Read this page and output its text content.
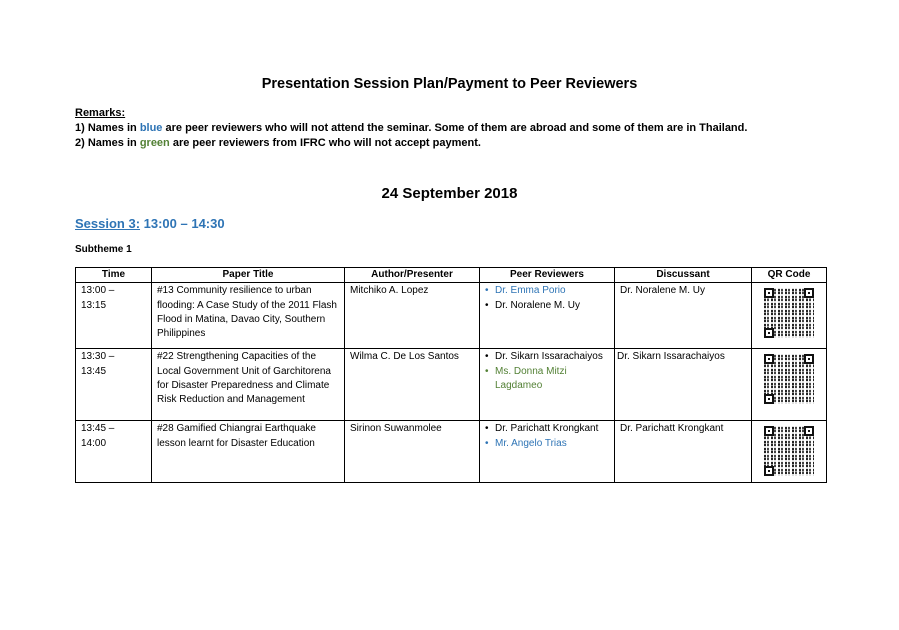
Presentation Session Plan/Payment to Peer Reviewers
Remarks:
1) Names in blue are peer reviewers who will not attend the seminar. Some of them are abroad and some of them are in Thailand.
2) Names in green are peer reviewers from IFRC who will not accept payment.
24 September 2018
Session 3: 13:00 – 14:30
Subtheme 1
Time	Paper Title	Author/Presenter	Peer Reviewers	Discussant	QR Code

13:00 –
13:15
	#13 Community resilience to urban flooding: A Case Study of the 2011 Flash Flood in Matina, Davao City, Southern Philippines	Mitchiko A. Lopez	
•Dr. Emma Porio
• Dr. Noralene M. Uy
	Dr. Noralene M. Uy	

13:30 –
13:45
	#22 Strengthening Capacities of the Local Government Unit of Garchitorena for Disaster Preparedness and Climate Risk Reduction and Management	Wilma C. De Los Santos	
•Dr. Sikarn Issarachaiyos
• Ms. Donna Mitzi Lagdameo
	Dr. Sikarn Issarachaiyos	

13:45 –
14:00
	#28 Gamified Chiangrai Earthquake lesson learnt for Disaster Education	Sirinon Suwanmolee	
•Dr. Parichatt Krongkant
• Mr. Angelo Trias
	Dr. Parichatt Krongkant	
